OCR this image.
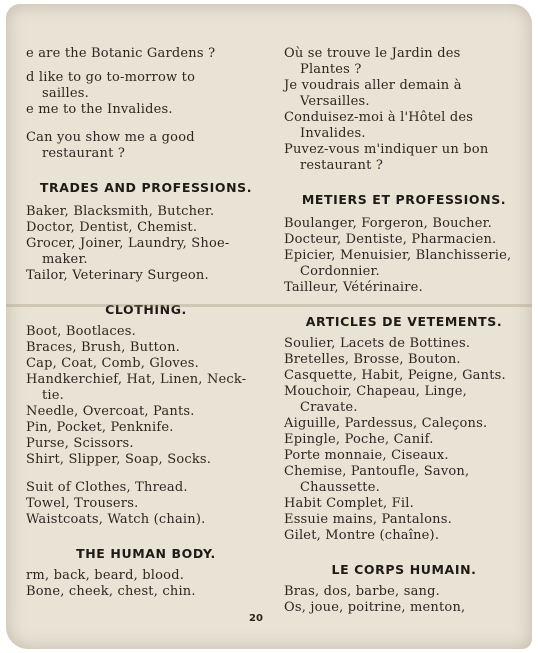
e are the Botanic Gardens ?
d like to go to-morrow to
sailles.
e me to the Invalides.
Can you show me a good
restaurant ?
TRADES AND PROFESSIONS.
Baker, Blacksmith, Butcher.
Doctor, Dentist, Chemist.
Grocer, Joiner, Laundry, Shoe-
maker.
Tailor, Veterinary Surgeon.
CLOTHING.
Boot, Bootlaces.
Braces, Brush, Button.
Cap, Coat, Comb, Gloves.
Handkerchief, Hat, Linen, Neck-
tie.
Needle, Overcoat, Pants.
Pin, Pocket, Penknife.
Purse, Scissors.
Shirt, Slipper, Soap, Socks.
Suit of Clothes, Thread.
Towel, Trousers.
Waistcoats, Watch (chain).
THE HUMAN BODY.
rm, back, beard, blood.
Bone, cheek, chest, chin.
Où se trouve le Jardin des
Plantes ?
Je voudrais aller demain à
Versailles.
Conduisez-moi à l'Hôtel des
Invalides.
Puvez-vous m'indiquer un bon
restaurant ?
METIERS ET PROFESSIONS.
Boulanger, Forgeron, Boucher.
Docteur, Dentiste, Pharmacien.
Epicier, Menuisier, Blanchisserie,
Cordonnier.
Tailleur, Vétérinaire.
ARTICLES DE VETEMENTS.
Soulier, Lacets de Bottines.
Bretelles, Brosse, Bouton.
Casquette, Habit, Peigne, Gants.
Mouchoir, Chapeau, Linge,
Cravate.
Aiguille, Pardessus, Caleçons.
Epingle, Poche, Canif.
Porte monnaie, Ciseaux.
Chemise, Pantoufle, Savon,
Chaussette.
Habit Complet, Fil.
Essuie mains, Pantalons.
Gilet, Montre (chaîne).
LE CORPS HUMAIN.
Bras, dos, barbe, sang.
Os, joue, poitrine, menton,
20
